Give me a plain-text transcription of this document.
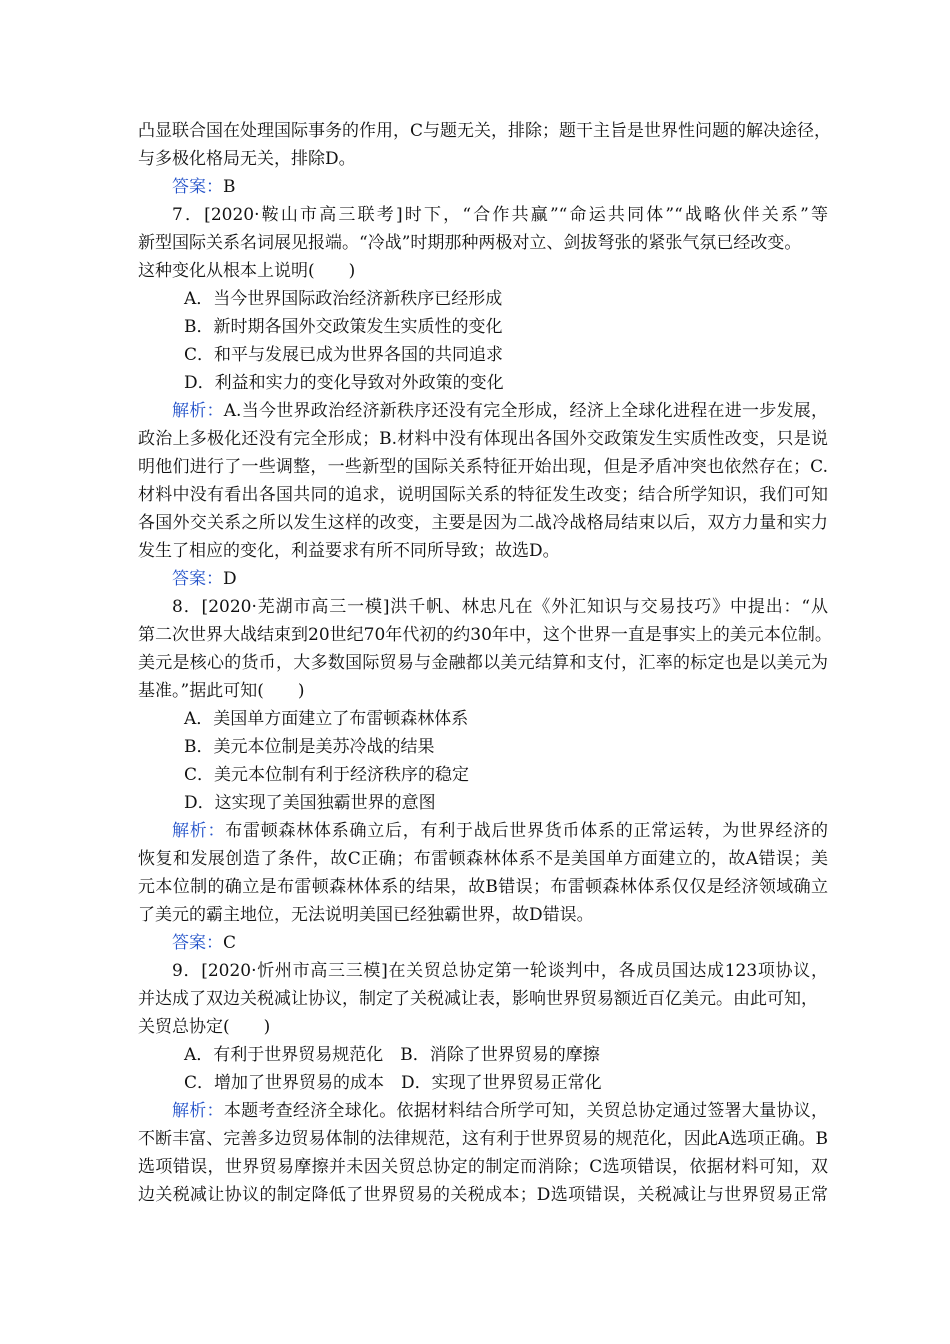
凸显联合国在处理国际事务的作用，C与题无关，排除；题干主旨是世界性问题的解决途径，
与多极化格局无关，排除D。
答案：B
7．[2020·鞍山市高三联考]时下，“合作共赢”“命运共同体”“战略伙伴关系”等
新型国际关系名词展见报端。“冷战”时期那种两极对立、剑拔弩张的紧张气氛已经改变。
这种变化从根本上说明(　　)
A．当今世界国际政治经济新秩序已经形成
B．新时期各国外交政策发生实质性的变化
C．和平与发展已成为世界各国的共同追求
D．利益和实力的变化导致对外政策的变化
解析：A.当今世界政治经济新秩序还没有完全形成，经济上全球化进程在进一步发展，
政治上多极化还没有完全形成；B.材料中没有体现出各国外交政策发生实质性改变，只是说
明他们进行了一些调整，一些新型的国际关系特征开始出现，但是矛盾冲突也依然存在；C.
材料中没有看出各国共同的追求，说明国际关系的特征发生改变；结合所学知识，我们可知
各国外交关系之所以发生这样的改变，主要是因为二战冷战格局结束以后，双方力量和实力
发生了相应的变化，利益要求有所不同所导致；故选D。
答案：D
8．[2020·芜湖市高三一模]洪千帆、林忠凡在《外汇知识与交易技巧》中提出：“从
第二次世界大战结束到20世纪70年代初的约30年中，这个世界一直是事实上的美元本位制。
美元是核心的货币，大多数国际贸易与金融都以美元结算和支付，汇率的标定也是以美元为
基准。”据此可知(　　)
A．美国单方面建立了布雷顿森林体系
B．美元本位制是美苏冷战的结果
C．美元本位制有利于经济秩序的稳定
D．这实现了美国独霸世界的意图
解析：布雷顿森林体系确立后，有利于战后世界货币体系的正常运转，为世界经济的
恢复和发展创造了条件，故C正确；布雷顿森林体系不是美国单方面建立的，故A错误；美
元本位制的确立是布雷顿森林体系的结果，故B错误；布雷顿森林体系仅仅是经济领域确立
了美元的霸主地位，无法说明美国已经独霸世界，故D错误。
答案：C
9．[2020·忻州市高三三模]在关贸总协定第一轮谈判中，各成员国达成123项协议，
并达成了双边关税减让协议，制定了关税减让表，影响世界贸易额近百亿美元。由此可知，
关贸总协定(　　)
A．有利于世界贸易规范化　B．消除了世界贸易的摩擦
C．增加了世界贸易的成本　D．实现了世界贸易正常化
解析：本题考查经济全球化。依据材料结合所学可知，关贸总协定通过签署大量协议，
不断丰富、完善多边贸易体制的法律规范，这有利于世界贸易的规范化，因此A选项正确。B
选项错误，世界贸易摩擦并未因关贸总协定的制定而消除；C选项错误，依据材料可知，双
边关税减让协议的制定降低了世界贸易的关税成本；D选项错误，关税减让与世界贸易正常
